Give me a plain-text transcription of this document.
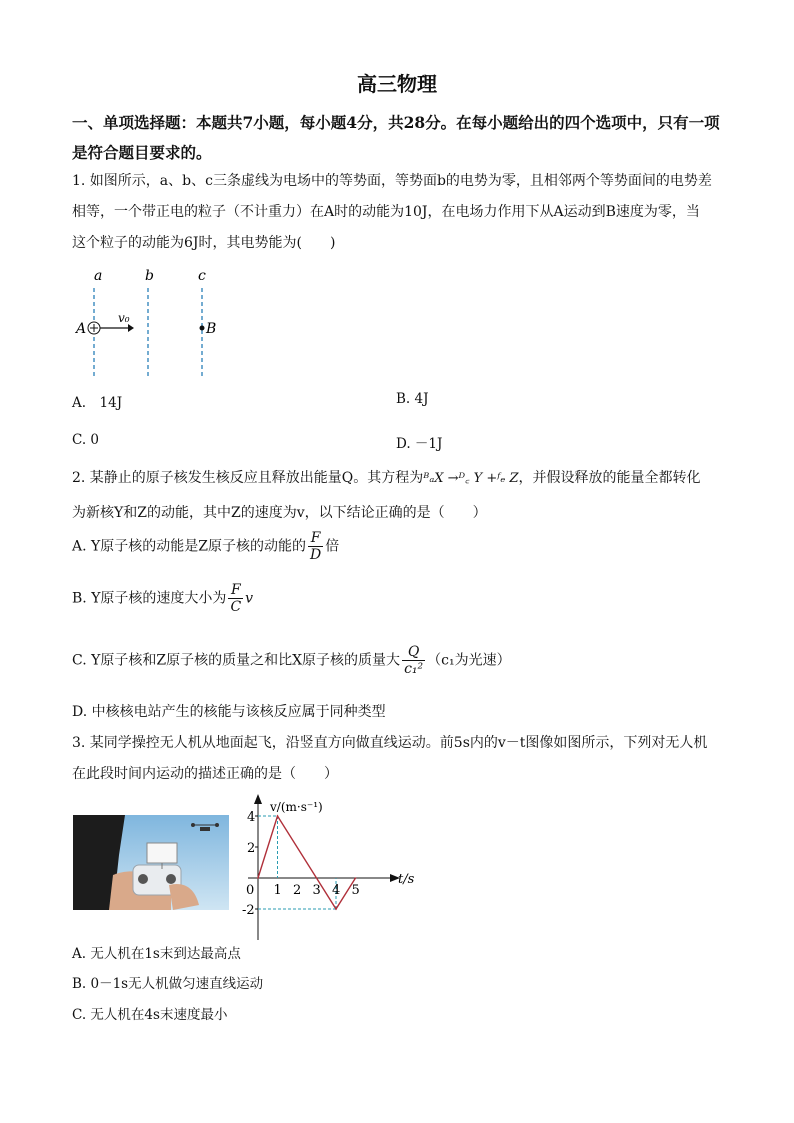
高三物理
一、单项选择题：本题共7小题，每小题4分，共28分。在每小题给出的四个选项中，只有一项是符合题目要求的。
1. 如图所示，a、b、c三条虚线为电场中的等势面，等势面b的电势为零，且相邻两个等势面间的电势差
相等，一个带正电的粒子（不计重力）在A时的动能为10J，在电场力作用下从A运动到B速度为零，当
这个粒子的动能为6J时，其电势能为(　　)
a	b	c
v₀
A	B
A.　14J	B. 4J
C. 0	D. －1J
2. 某静止的原子核发生核反应且释放出能量Q。其方程为ᴮₐX →ᴰ꜀ Y +ᶠₑ Z，并假设释放的能量全都转化
为新核Y和Z的动能，其中Z的速度为v，以下结论正确的是（　　）
A. Y原子核的动能是Z原子核的动能的 $\frac{F}{D}$ 倍
B. Y原子核的速度大小为 $\frac{F}{C}$ v
C. Y原子核和Z原子核的质量之和比X原子核的质量大 $\frac{Q}{\text{c₁²}} (c_1$为光速）
D. 中核核电站产生的核能与该核反应属于同种类型
3. 某同学操控无人机从地面起飞，沿竖直方向做直线运动。前5s内的v－t图像如图所示，下列对无人机
在此段时间内运动的描述正确的是（　　）
v/(m·s⁻¹)
t/s
0 1 2 3 4 5
4
2
-2
A. 无人机在1s末到达最高点
B. 0－1s无人机做匀速直线运动
C. 无人机在4s末速度最小
